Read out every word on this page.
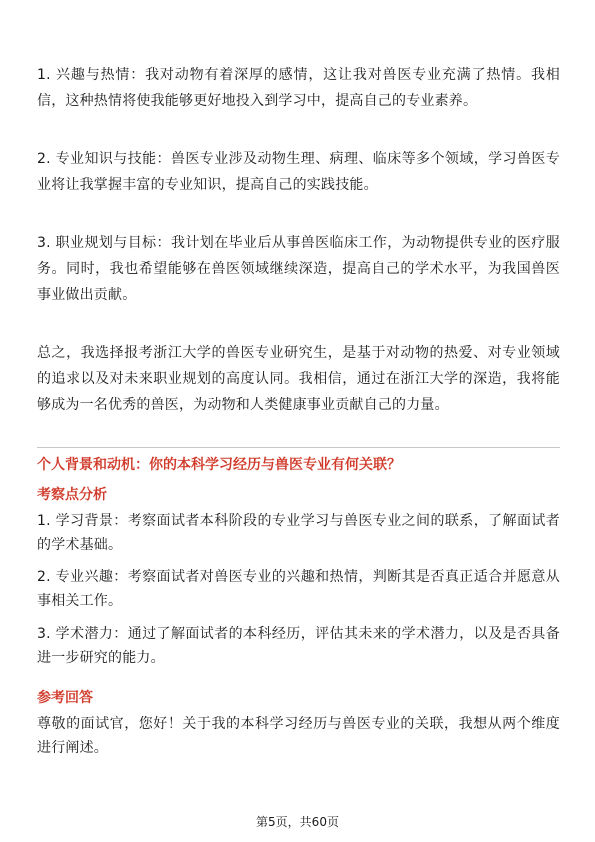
1. 兴趣与热情：我对动物有着深厚的感情，这让我对兽医专业充满了热情。我相信，这种热情将使我能够更好地投入到学习中，提高自己的专业素养。

2. 专业知识与技能：兽医专业涉及动物生理、病理、临床等多个领域，学习兽医专业将让我掌握丰富的专业知识，提高自己的实践技能。

3. 职业规划与目标：我计划在毕业后从事兽医临床工作，为动物提供专业的医疗服务。同时，我也希望能够在兽医领域继续深造，提高自己的学术水平，为我国兽医事业做出贡献。

总之，我选择报考浙江大学的兽医专业研究生，是基于对动物的热爱、对专业领域的追求以及对未来职业规划的高度认同。我相信，通过在浙江大学的深造，我将能够成为一名优秀的兽医，为动物和人类健康事业贡献自己的力量。

个人背景和动机：你的本科学习经历与兽医专业有何关联？

考察点分析

1. 学习背景：考察面试者本科阶段的专业学习与兽医专业之间的联系，了解面试者的学术基础。

2. 专业兴趣：考察面试者对兽医专业的兴趣和热情，判断其是否真正适合并愿意从事相关工作。

3. 学术潜力：通过了解面试者的本科经历，评估其未来的学术潜力，以及是否具备进一步研究的能力。

参考回答

尊敬的面试官，您好！关于我的本科学习经历与兽医专业的关联，我想从两个维度进行阐述。

第5页，共60页
